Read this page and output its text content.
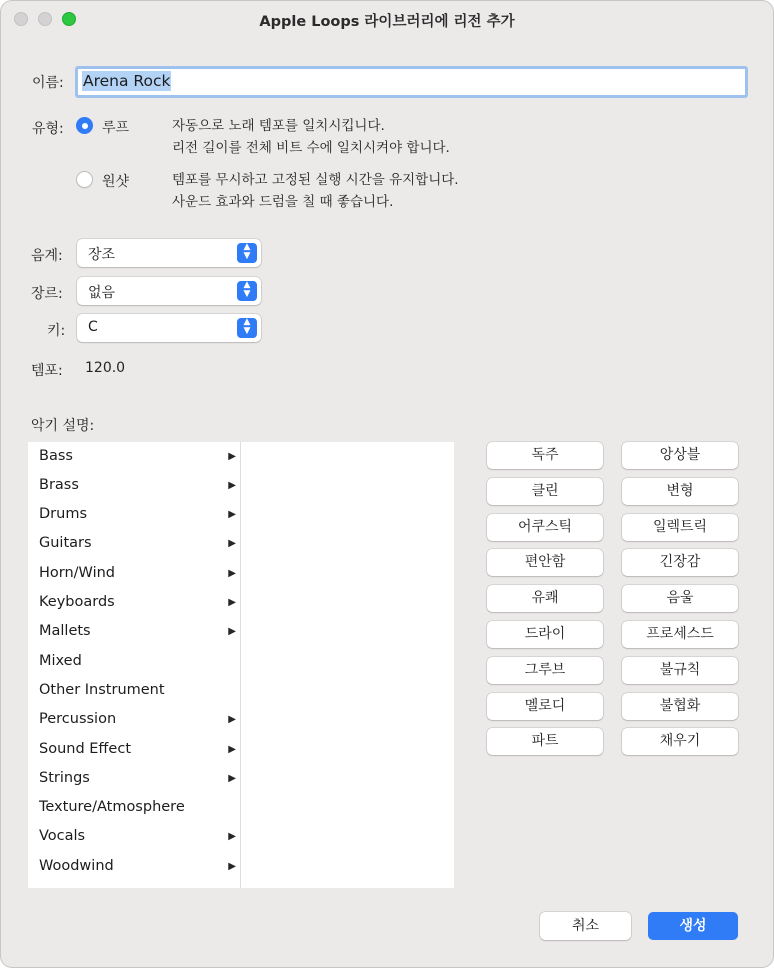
Apple Loops 라이브러리에 리전 추가
이름:	Arena Rock
유형:	루프	자동으로 노래 템포를 일치시킵니다.
리전 길이를 전체 비트 수에 일치시켜야 합니다.
원샷	템포를 무시하고 고정된 실행 시간을 유지합니다.
사운드 효과와 드럼을 칠 때 좋습니다.
음계:	장조	▲
▼
장르:	없음	▲
▼
키:	C	▲
▼
템포: 120.0
악기 설명:
Bass	▶
Brass	▶
Drums	▶
Guitars	▶
Horn/Wind	▶
Keyboards	▶
Mallets	▶
Mixed
Other Instrument
Percussion	▶
Sound Effect	▶
Strings	▶
Texture/Atmosphere
Vocals	▶
Woodwind	▶
독주	앙상블
클린	변형
어쿠스틱	일렉트릭
편안함	긴장감
유쾌	음울
드라이	프로세스드
그루브	불규칙
멜로디	불협화
파트	채우기
취소	생성
